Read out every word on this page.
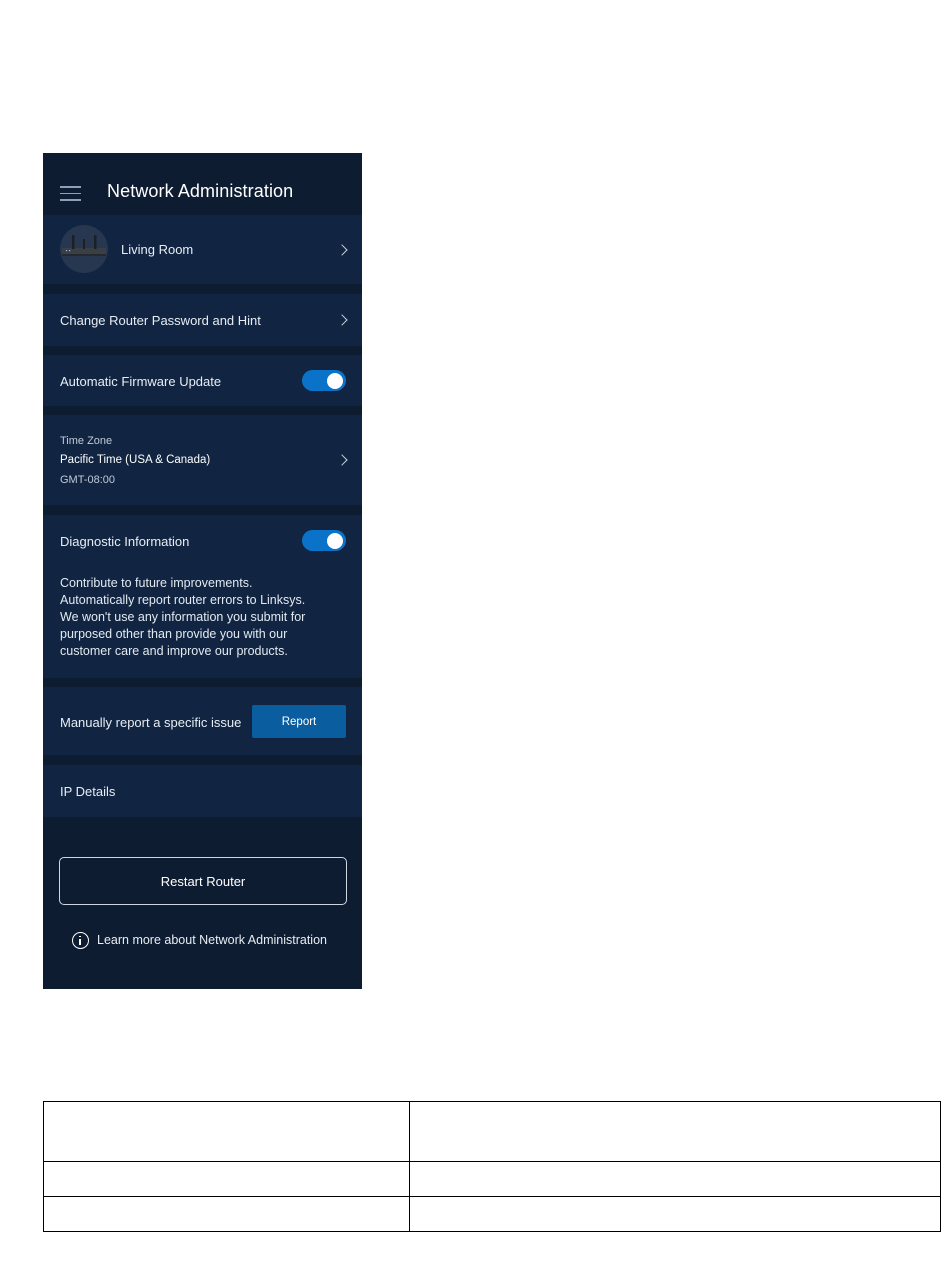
Network Administration
Living Room
Change Router Password and Hint
Automatic Firmware Update
Time Zone
Pacific Time (USA & Canada)
GMT-08:00
Diagnostic Information
Contribute to future improvements.
Automatically report router errors to Linksys.
We won't use any information you submit for
purposed other than provide you with our
customer care and improve our products.
Manually report a specific issue	Report
IP Details
Restart Router
Learn more about Network Administration
